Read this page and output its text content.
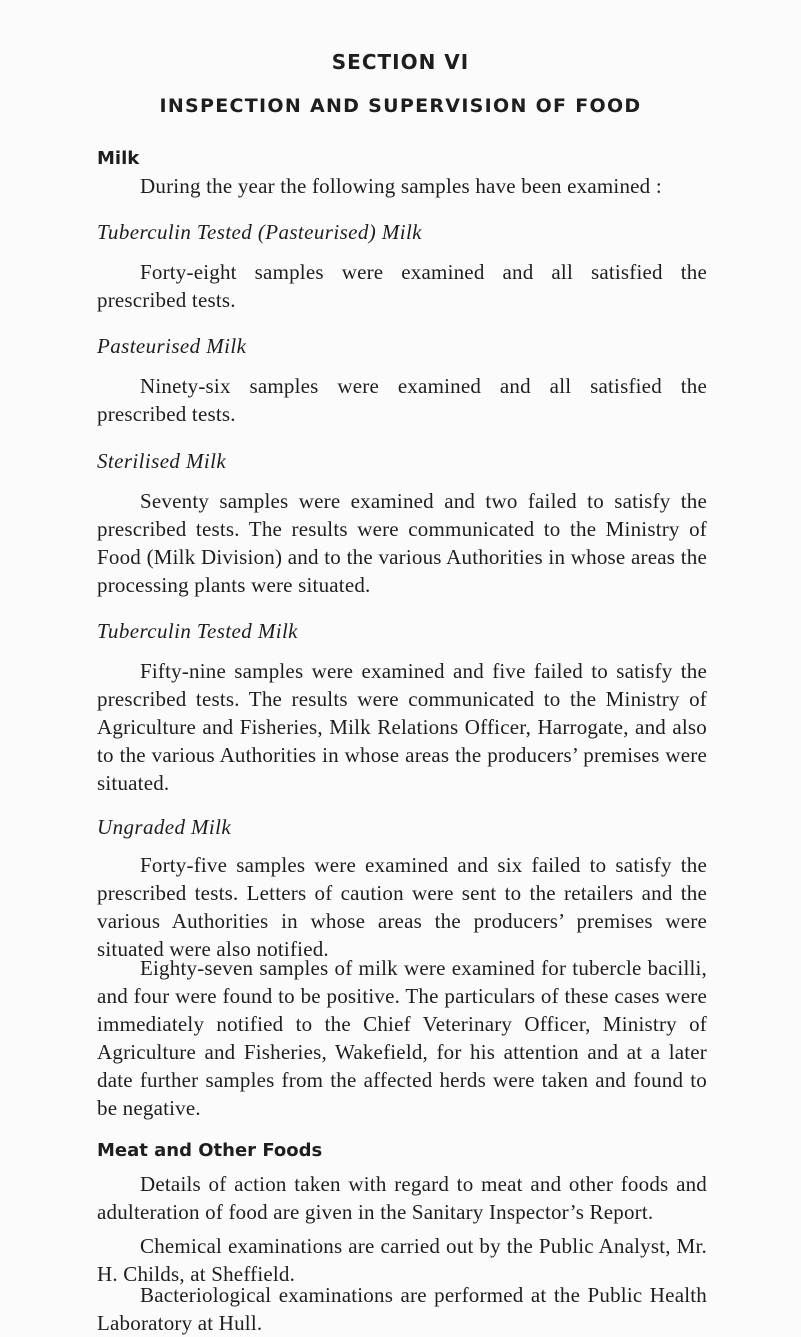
SECTION VI
INSPECTION AND SUPERVISION OF FOOD
Milk
During the year the following samples have been examined :
Tuberculin Tested (Pasteurised) Milk
Forty-eight samples were examined and all satisfied the prescribed tests.
Pasteurised Milk
Ninety-six samples were examined and all satisfied the prescribed tests.
Sterilised Milk
Seventy samples were examined and two failed to satisfy the prescribed tests. The results were communicated to the Ministry of Food (Milk Division) and to the various Authorities in whose areas the processing plants were situated.
Tuberculin Tested Milk
Fifty-nine samples were examined and five failed to satisfy the prescribed tests. The results were communicated to the Ministry of Agriculture and Fisheries, Milk Relations Officer, Harrogate, and also to the various Authorities in whose areas the producers’ premises were situated.
Ungraded Milk
Forty-five samples were examined and six failed to satisfy the prescribed tests. Letters of caution were sent to the retailers and the various Authorities in whose areas the producers’ premises were situated were also notified.
Eighty-seven samples of milk were examined for tubercle bacilli, and four were found to be positive. The particulars of these cases were immediately notified to the Chief Veterinary Officer, Ministry of Agriculture and Fisheries, Wakefield, for his attention and at a later date further samples from the affected herds were taken and found to be negative.
Meat and Other Foods
Details of action taken with regard to meat and other foods and adulteration of food are given in the Sanitary Inspector’s Report.
Chemical examinations are carried out by the Public Analyst, Mr. H. Childs, at Sheffield.
Bacteriological examinations are performed at the Public Health Laboratory at Hull.
